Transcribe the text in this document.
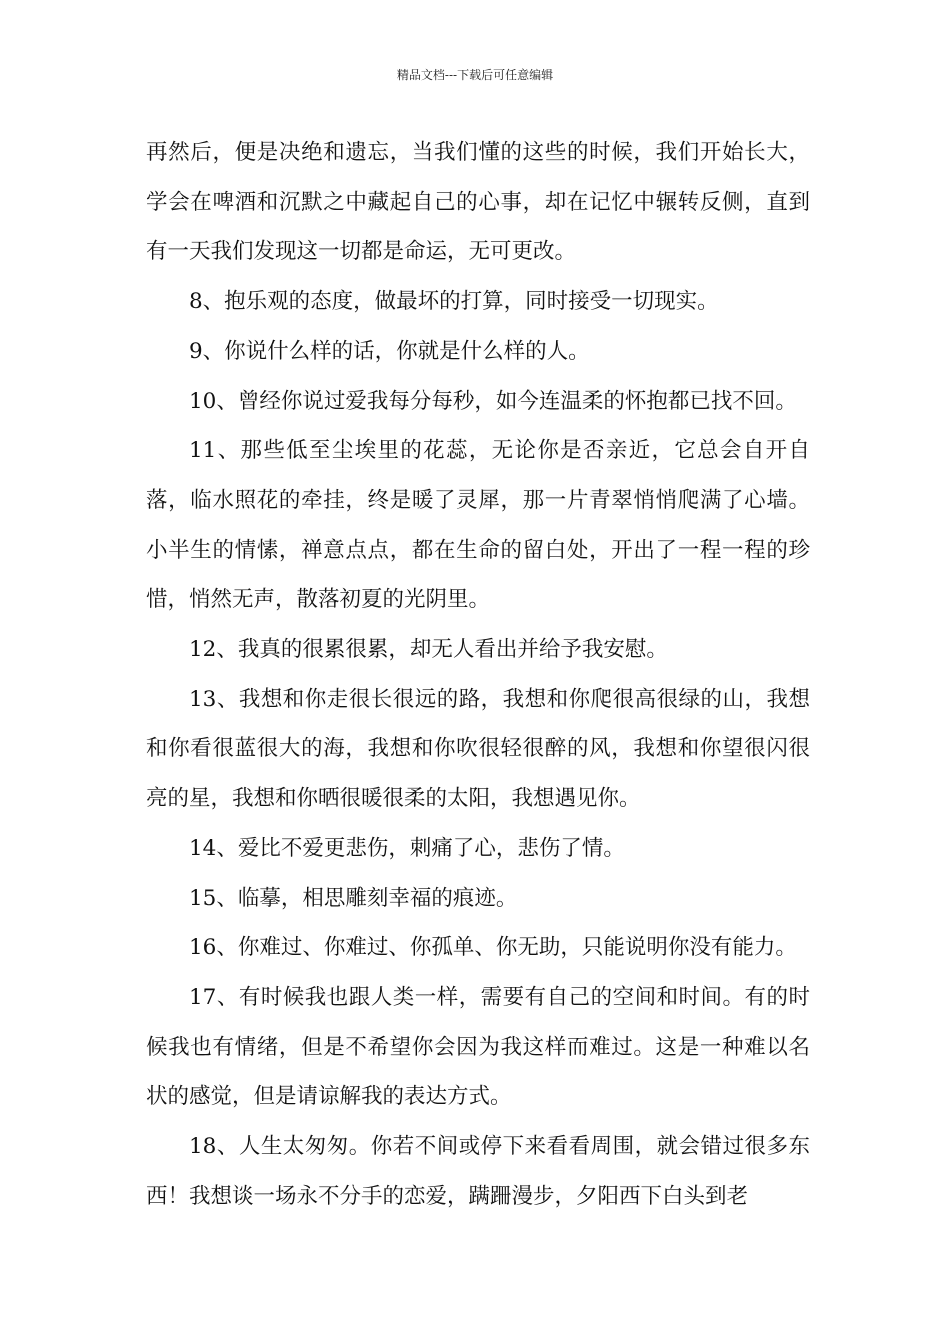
精品文档---下载后可任意编辑

再然后，便是决绝和遗忘，当我们懂的这些的时候，我们开始长大，学会在啤酒和沉默之中藏起自己的心事，却在记忆中辗转反侧，直到有一天我们发现这一切都是命运，无可更改。

8、抱乐观的态度，做最坏的打算，同时接受一切现实。

9、你说什么样的话，你就是什么样的人。

10、曾经你说过爱我每分每秒，如今连温柔的怀抱都已找不回。

11、那些低至尘埃里的花蕊，无论你是否亲近，它总会自开自落，临水照花的牵挂，终是暖了灵犀，那一片青翠悄悄爬满了心墙。小半生的情愫，禅意点点，都在生命的留白处，开出了一程一程的珍惜，悄然无声，散落初夏的光阴里。

12、我真的很累很累，却无人看出并给予我安慰。

13、我想和你走很长很远的路，我想和你爬很高很绿的山，我想和你看很蓝很大的海，我想和你吹很轻很醉的风，我想和你望很闪很亮的星，我想和你晒很暖很柔的太阳，我想遇见你。

14、爱比不爱更悲伤，刺痛了心，悲伤了情。

15、临摹，相思雕刻幸福的痕迹。

16、你难过、你难过、你孤单、你无助，只能说明你没有能力。

17、有时候我也跟人类一样，需要有自己的空间和时间。有的时候我也有情绪，但是不希望你会因为我这样而难过。这是一种难以名状的感觉，但是请谅解我的表达方式。

18、人生太匆匆。你若不间或停下来看看周围，就会错过很多东西！我想谈一场永不分手的恋爱，蹒跚漫步，夕阳西下白头到老
